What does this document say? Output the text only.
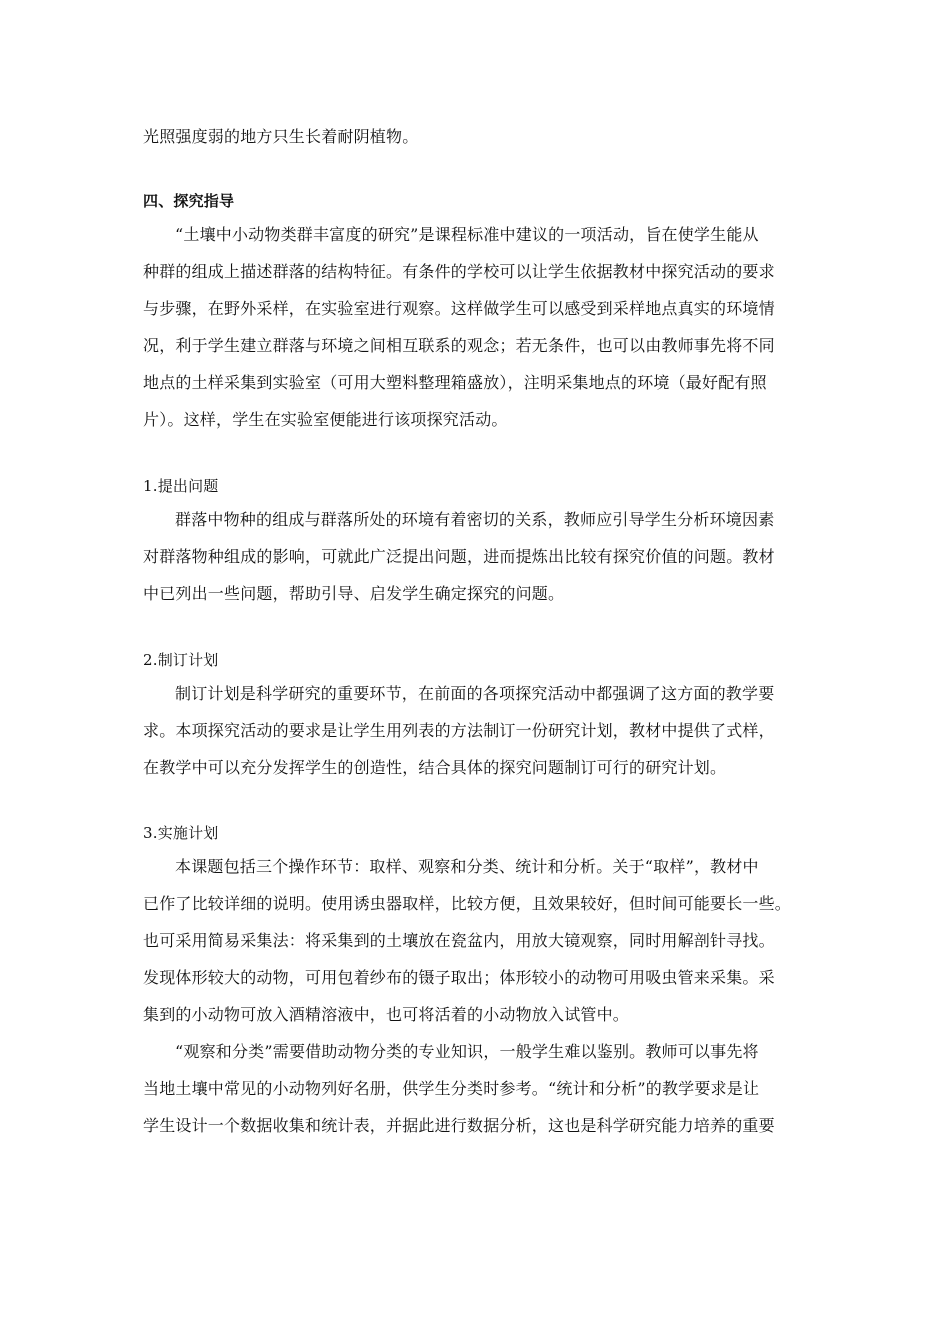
光照强度弱的地方只生长着耐阴植物。
四、探究指导
“土壤中小动物类群丰富度的研究”是课程标准中建议的一项活动，旨在使学生能从
种群的组成上描述群落的结构特征。有条件的学校可以让学生依据教材中探究活动的要求
与步骤，在野外采样，在实验室进行观察。这样做学生可以感受到采样地点真实的环境情
况，利于学生建立群落与环境之间相互联系的观念；若无条件，也可以由教师事先将不同
地点的土样采集到实验室（可用大塑料整理箱盛放），注明采集地点的环境（最好配有照
片）。这样，学生在实验室便能进行该项探究活动。
1.提出问题
群落中物种的组成与群落所处的环境有着密切的关系，教师应引导学生分析环境因素
对群落物种组成的影响，可就此广泛提出问题，进而提炼出比较有探究价值的问题。教材
中已列出一些问题，帮助引导、启发学生确定探究的问题。
2.制订计划
制订计划是科学研究的重要环节，在前面的各项探究活动中都强调了这方面的教学要
求。本项探究活动的要求是让学生用列表的方法制订一份研究计划，教材中提供了式样，
在教学中可以充分发挥学生的创造性，结合具体的探究问题制订可行的研究计划。
3.实施计划
本课题包括三个操作环节：取样、观察和分类、统计和分析。关于“取样”，教材中
已作了比较详细的说明。使用诱虫器取样，比较方便，且效果较好，但时间可能要长一些。
也可采用简易采集法：将采集到的土壤放在瓷盆内，用放大镜观察，同时用解剖针寻找。
发现体形较大的动物，可用包着纱布的镊子取出；体形较小的动物可用吸虫管来采集。采
集到的小动物可放入酒精溶液中，也可将活着的小动物放入试管中。
“观察和分类”需要借助动物分类的专业知识，一般学生难以鉴别。教师可以事先将
当地土壤中常见的小动物列好名册，供学生分类时参考。“统计和分析”的教学要求是让
学生设计一个数据收集和统计表，并据此进行数据分析，这也是科学研究能力培养的重要
